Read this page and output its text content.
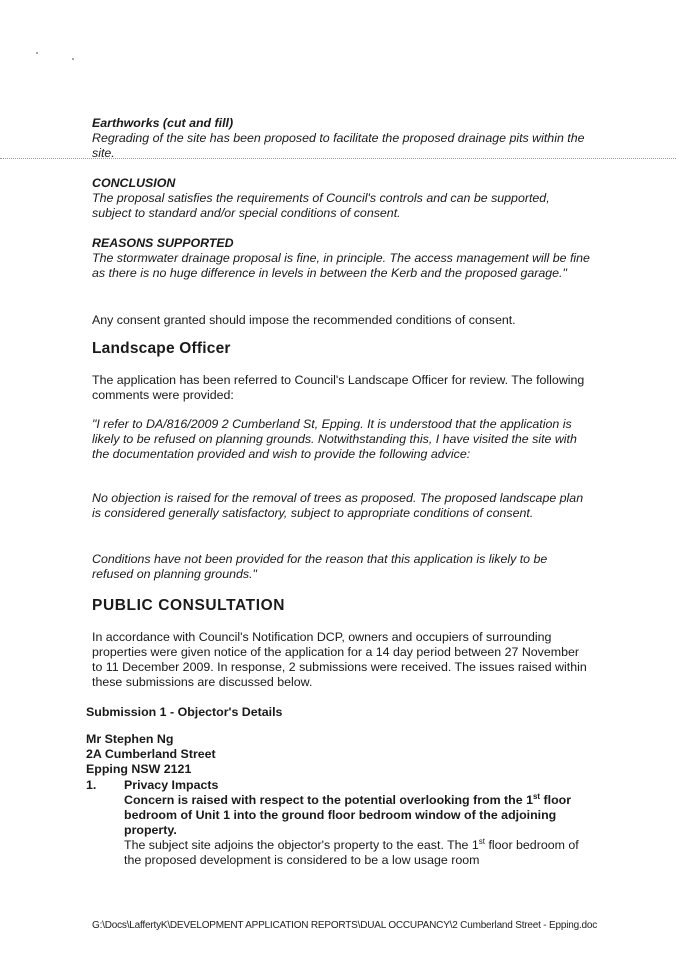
Earthworks (cut and fill)

Regrading of the site has been proposed to facilitate the proposed drainage pits within the site.

CONCLUSION

The proposal satisfies the requirements of Council's controls and can be supported, subject to standard and/or special conditions of consent.

REASONS SUPPORTED

The stormwater drainage proposal is fine, in principle. The access management will be fine as there is no huge difference in levels in between the Kerb and the proposed garage."

Any consent granted should impose the recommended conditions of consent.

Landscape Officer

The application has been referred to Council's Landscape Officer for review. The following comments were provided:

"I refer to DA/816/2009 2 Cumberland St, Epping. It is understood that the application is likely to be refused on planning grounds. Notwithstanding this, I have visited the site with the documentation provided and wish to provide the following advice:

No objection is raised for the removal of trees as proposed. The proposed landscape plan is considered generally satisfactory, subject to appropriate conditions of consent.

Conditions have not been provided for the reason that this application is likely to be refused on planning grounds."

PUBLIC CONSULTATION

In accordance with Council's Notification DCP, owners and occupiers of surrounding properties were given notice of the application for a 14 day period between 27 November to 11 December 2009. In response, 2 submissions were received. The issues raised within these submissions are discussed below.

Submission 1 - Objector's Details

Mr Stephen Ng

2A Cumberland Street

Epping NSW 2121

1. Privacy Impacts

Concern is raised with respect to the potential overlooking from the 1st floor bedroom of Unit 1 into the ground floor bedroom window of the adjoining property.

The subject site adjoins the objector's property to the east. The 1st floor bedroom of the proposed development is considered to be a low usage room

G:\Docs\LaffertyK\DEVELOPMENT APPLICATION REPORTS\DUAL OCCUPANCY\2 Cumberland Street - Epping.doc
